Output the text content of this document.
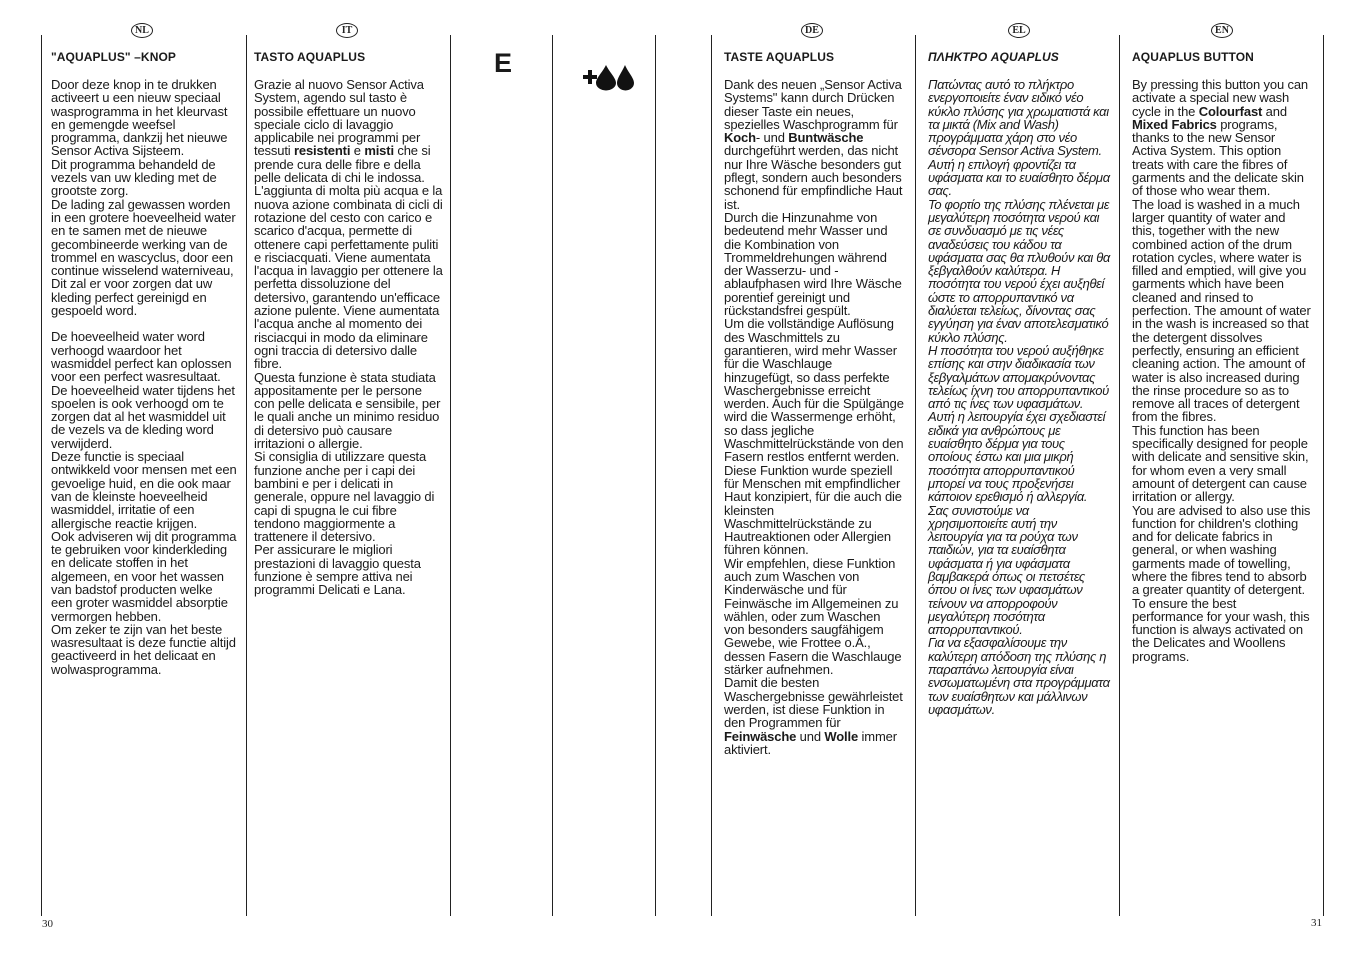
E
NL
"AQUAPLUS" –KNOP

Door deze knop in te drukken activeert u een nieuw speciaal wasprogramma in het kleurvast en gemengde weefsel programma, dankzij het nieuwe Sensor Activa Sijsteem.

Dit programma behandeld de vezels van uw kleding met de grootste zorg.

De lading zal gewassen worden in een grotere hoeveelheid water en te samen met de nieuwe gecombineerde werking van de trommel en wascyclus, door een continue wisselend waterniveau, Dit zal er voor zorgen dat uw kleding perfect gereinigd en gespoeld word.

De hoeveelheid water word verhoogd waardoor het wasmiddel perfect kan oplossen voor een perfect wasresultaat. De hoeveelheid water tijdens het spoelen is ook verhoogd om te zorgen dat al het wasmiddel uit de vezels va de kleding word verwijderd.

Deze functie is speciaal ontwikkeld voor mensen met een gevoelige huid, en die ook maar van de kleinste hoeveelheid wasmiddel, irritatie of een allergische reactie krijgen.

Ook adviseren wij dit programma te gebruiken voor kinderkleding en delicate stoffen in het algemeen, en voor het wassen van badstof producten welke een groter wasmiddel absorptie vermorgen hebben.

Om zeker te zijn van het beste wasresultaat is deze functie altijd geactiveerd in het delicaat en wolwasprogramma.

IT
TASTO AQUAPLUS

Grazie al nuovo Sensor Activa System, agendo sul tasto è possibile effettuare un nuovo speciale ciclo di lavaggio applicabile nei programmi per tessuti resistenti e misti che si prende cura delle fibre e della pelle delicata di chi le indossa.

L'aggiunta di molta più acqua e la nuova azione combinata di cicli di rotazione del cesto con carico e scarico d'acqua, permette di ottenere capi perfettamente puliti e risciacquati. Viene aumentata l'acqua in lavaggio per ottenere la perfetta dissoluzione del detersivo, garantendo un'efficace azione pulente. Viene aumentata l'acqua anche al momento dei risciacqui in modo da eliminare ogni traccia di detersivo dalle fibre.

Questa funzione è stata studiata appositamente per le persone con pelle delicata e sensibile, per le quali anche un minimo residuo di detersivo può causare irritazioni o allergie.

Si consiglia di utilizzare questa funzione anche per i capi dei bambini e per i delicati in generale, oppure nel lavaggio di capi di spugna le cui fibre tendono maggiormente a trattenere il detersivo.

Per assicurare le migliori prestazioni di lavaggio questa funzione è sempre attiva nei programmi Delicati e Lana.

DE
TASTE AQUAPLUS

Dank des neuen „Sensor Activa Systems" kann durch Drücken dieser Taste ein neues, spezielles Waschprogramm für Koch- und Buntwäsche durchgeführt werden, das nicht nur Ihre Wäsche besonders gut pflegt, sondern auch besonders schonend für empfindliche Haut ist.

Durch die Hinzunahme von bedeutend mehr Wasser und die Kombination von Trommeldrehungen während der Wasserzu- und -ablaufphasen wird Ihre Wäsche porentief gereinigt und rückstandsfrei gespült.

Um die vollständige Auflösung des Waschmittels zu garantieren, wird mehr Wasser für die Waschlauge hinzugefügt, so dass perfekte Waschergebnisse erreicht werden. Auch für die Spülgänge wird die Wassermenge erhöht, so dass jegliche Waschmittelrückstände von den Fasern restlos entfernt werden.

Diese Funktion wurde speziell für Menschen mit empfindlicher Haut konzipiert, für die auch die kleinsten Waschmittelrückstände zu Hautreaktionen oder Allergien führen können.

Wir empfehlen, diese Funktion auch zum Waschen von Kinderwäsche und für Feinwäsche im Allgemeinen zu wählen, oder zum Waschen von besonders saugfähigem Gewebe, wie Frottee o.Ä., dessen Fasern die Waschlauge stärker aufnehmen.

Damit die besten Waschergebnisse gewährleistet werden, ist diese Funktion in den Programmen für Feinwäsche und Wolle immer aktiviert.

EL
ΠΛΗΚΤΡΟ AQUAPLUS

Πατώντας αυτό το πλήκτρο ενεργοποιείτε έναν ειδικό νέο κύκλο πλύσης για χρωματιστά και τα μικτά (Mix and Wash) προγράμματα χάρη στο νέο σένσορα Sensor Activa System. Αυτή η επιλογή φροντίζει τα υφάσματα και το ευαίσθητο δέρμα σας.

Το φορτίο της πλύσης πλένεται με μεγαλύτερη ποσότητα νερού και σε συνδυασμό με τις νέες αναδεύσεις του κάδου τα υφάσματα σας θα πλυθούν και θα ξεβγαλθούν καλύτερα. Η ποσότητα του νερού έχει αυξηθεί ώστε το απορρυπαντικό να διαλύεται τελείως, δίνοντας σας εγγύηση για έναν αποτελεσματικό κύκλο πλύσης.

Η ποσότητα του νερού αυξήθηκε επίσης και στην διαδικασία των ξεβγαλμάτων απομακρύνοντας τελείως ίχνη του απορρυπαντικού από τις ίνες των υφασμάτων. Αυτή η λειτουργία έχει σχεδιαστεί ειδικά για ανθρώπους με ευαίσθητο δέρμα για τους οποίους έστω και μια μικρή ποσότητα απορρυπαντικού μπορεί να τους προξενήσει κάποιον ερεθισμό ή αλλεργία.

Σας συνιστούμε να χρησιμοποιείτε αυτή την λειτουργία για τα ρούχα των παιδιών, για τα ευαίσθητα υφάσματα ή για υφάσματα βαμβακερά όπως οι πετσέτες όπου οι ίνες των υφασμάτων τείνουν να απορροφούν μεγαλύτερη ποσότητα απορρυπαντικού.

Για να εξασφαλίσουμε την καλύτερη απόδοση της πλύσης η παραπάνω λειτουργία είναι ενσωματωμένη στα προγράμματα των ευαίσθητων και μάλλινων υφασμάτων.

EN
AQUAPLUS BUTTON

By pressing this button you can activate a special new wash cycle in the Colourfast and Mixed Fabrics programs, thanks to the new Sensor Activa System. This option treats with care the fibres of garments and the delicate skin of those who wear them.

The load is washed in a much larger quantity of water and this, together with the new combined action of the drum rotation cycles, where water is filled and emptied, will give you garments which have been cleaned and rinsed to perfection. The amount of water in the wash is increased so that the detergent dissolves perfectly, ensuring an efficient cleaning action. The amount of water is also increased during the rinse procedure so as to remove all traces of detergent from the fibres.

This function has been specifically designed for people with delicate and sensitive skin, for whom even a very small amount of detergent can cause irritation or allergy.

You are advised to also use this function for children's clothing and for delicate fabrics in general, or when washing garments made of towelling, where the fibres tend to absorb a greater quantity of detergent.

To ensure the best performance for your wash, this function is always activated on the Delicates and Woollens programs.

30	31
